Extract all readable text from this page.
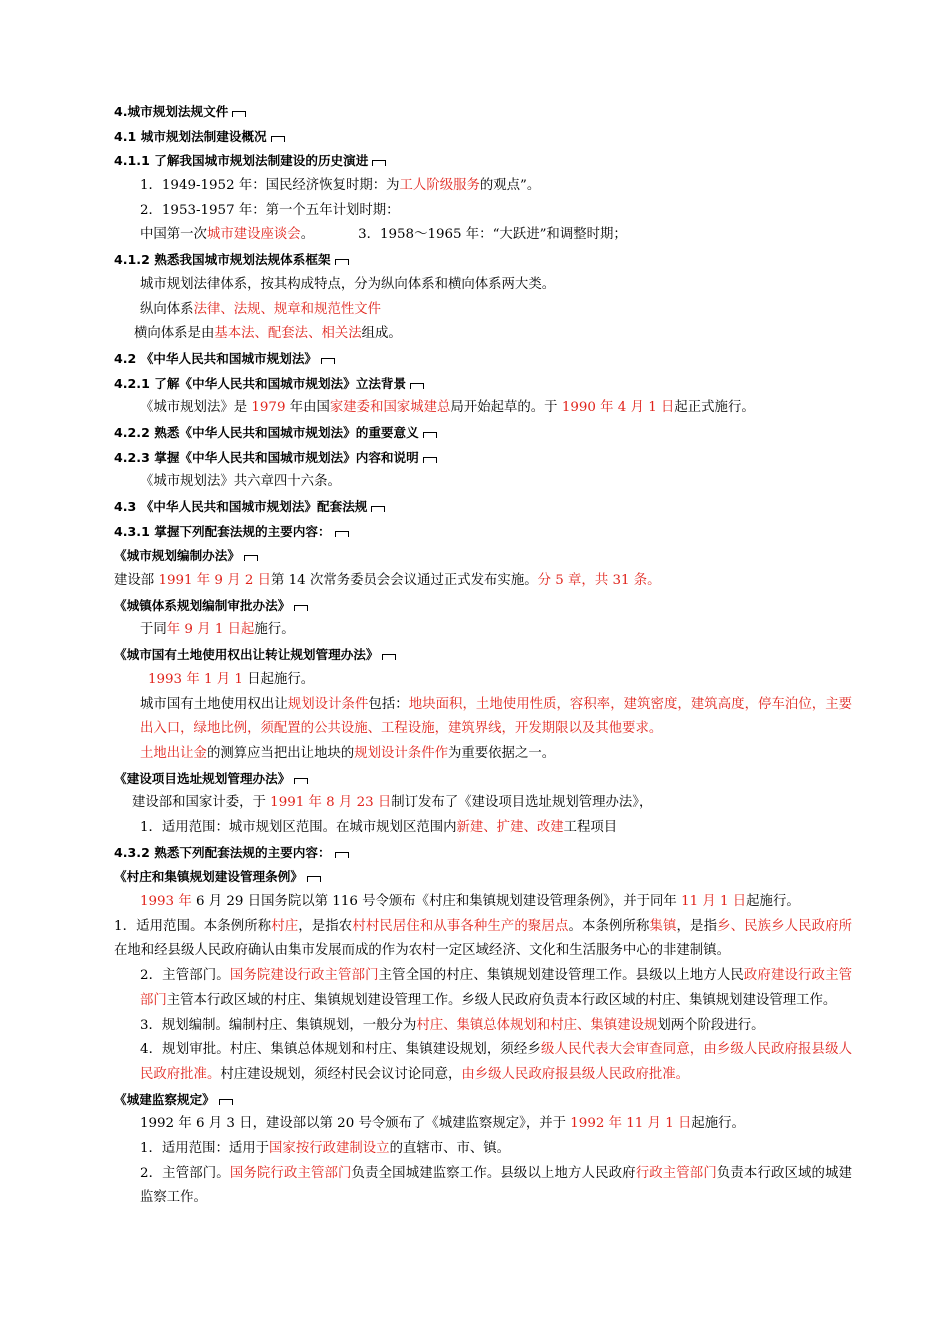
4.城市规划法规文件
4.1 城市规划法制建设概况
4.1.1 了解我国城市规划法制建设的历史演进
1．1949-1952 年：国民经济恢复时期：为工人阶级服务的观点”。
2．1953-1957 年：第一个五年计划时期：
中国第一次城市建设座谈会。	3．1958～1965 年：“大跃进”和调整时期；
4.1.2 熟悉我国城市规划法规体系框架
城市规划法律体系，按其构成特点，分为纵向体系和横向体系两大类。
纵向体系法律、法规、规章和规范性文件
横向体系是由基本法、配套法、相关法组成。
4.2 《中华人民共和国城市规划法》
4.2.1 了解《中华人民共和国城市规划法》立法背景
《城市规划法》是 1979 年由国家建委和国家城建总局开始起草的。于 1990 年 4 月 1 日起正式施行。
4.2.2 熟悉《中华人民共和国城市规划法》的重要意义
4.2.3 掌握《中华人民共和国城市规划法》内容和说明
《城市规划法》共六章四十六条。
4.3 《中华人民共和国城市规划法》配套法规
4.3.1 掌握下列配套法规的主要内容：
《城市规划编制办法》
建设部 1991 年 9 月 2 日第 14 次常务委员会会议通过正式发布实施。分 5 章，共 31 条。
《城镇体系规划编制审批办法》
于同年 9 月 1 日起施行。
《城市国有土地使用权出让转让规划管理办法》
1993 年 1 月 1 日起施行。
城市国有土地使用权出让规划设计条件包括：地块面积，土地使用性质，容积率，建筑密度，建筑高度，停车泊位，主要出入口，绿地比例，须配置的公共设施、工程设施，建筑界线，开发期限以及其他要求。
土地出让金的测算应当把出让地块的规划设计条件作为重要依据之一。
《建设项目选址规划管理办法》
建设部和国家计委，于 1991 年 8 月 23 日制订发布了《建设项目选址规划管理办法》，
1．适用范围：城市规划区范围。在城市规划区范围内新建、扩建、改建工程项目
4.3.2 熟悉下列配套法规的主要内容：
《村庄和集镇规划建设管理条例》
1993 年 6 月 29 日国务院以第 116 号令颁布《村庄和集镇规划建设管理条例》，并于同年 11 月 1 日起施行。
1．适用范围。本条例所称村庄，是指农村村民居住和从事各种生产的聚居点。本条例所称集镇，是指乡、民族乡人民政府所在地和经县级人民政府确认由集市发展而成的作为农村一定区域经济、文化和生活服务中心的非建制镇。
2．主管部门。国务院建设行政主管部门主管全国的村庄、集镇规划建设管理工作。县级以上地方人民政府建设行政主管部门主管本行政区域的村庄、集镇规划建设管理工作。乡级人民政府负责本行政区域的村庄、集镇规划建设管理工作。
3．规划编制。编制村庄、集镇规划，一般分为村庄、集镇总体规划和村庄、集镇建设规划两个阶段进行。
4．规划审批。村庄、集镇总体规划和村庄、集镇建设规划，须经乡级人民代表大会审查同意，由乡级人民政府报县级人民政府批准。村庄建设规划，须经村民会议讨论同意，由乡级人民政府报县级人民政府批准。
《城建监察规定》
1992 年 6 月 3 日，建设部以第 20 号令颁布了《城建监察规定》，并于 1992 年 11 月 1 日起施行。
1．适用范围：适用于国家按行政建制设立的直辖市、市、镇。
2．主管部门。国务院行政主管部门负责全国城建监察工作。县级以上地方人民政府行政主管部门负责本行政区域的城建监察工作。
